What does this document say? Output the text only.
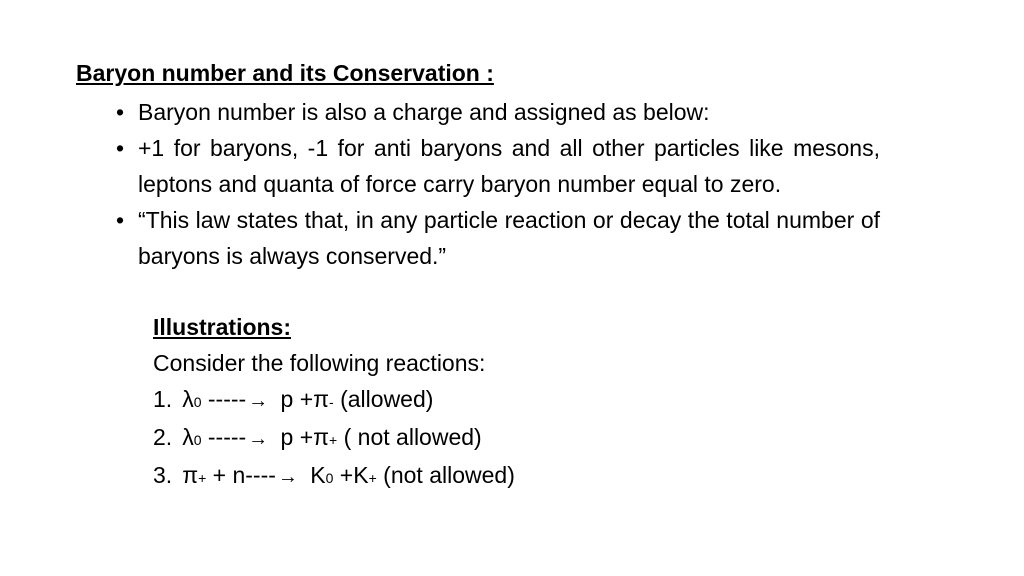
Baryon number and its Conservation :
• Baryon number is also a charge and assigned as below:
• +1 for baryons, -1 for anti baryons and all other particles like mesons, leptons and quanta of force carry baryon number equal to zero.
• “This law states that, in any particle reaction or decay the total number of baryons is always conserved.”
Illustrations:
Consider the following reactions:
1. λ 0 ----- → p +π - (allowed)
2. λ 0 ----- → p +π + ( not allowed)
3. π + + n---- → K 0 +K + (not allowed)
